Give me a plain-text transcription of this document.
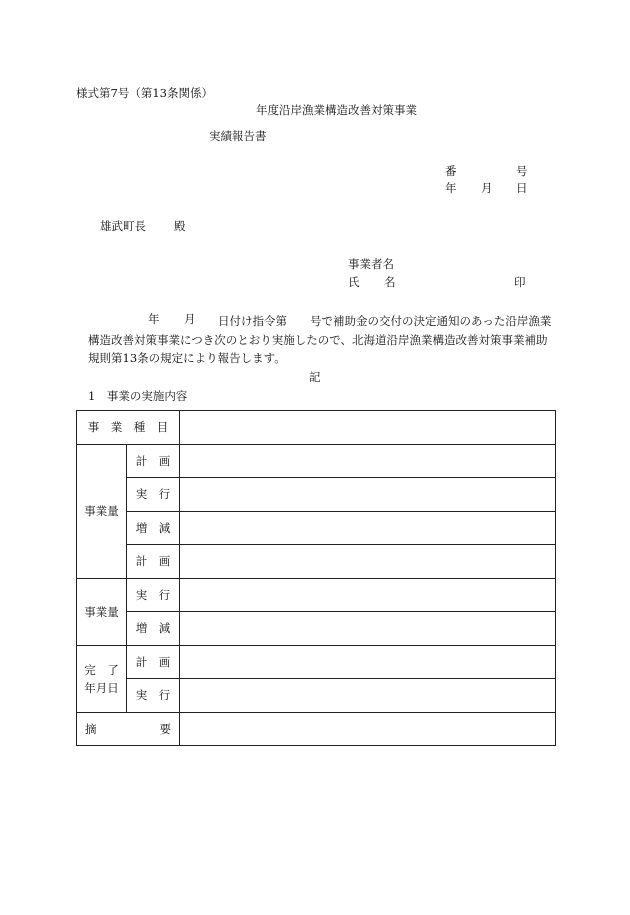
様式第7号（第13条関係）
年度沿岸漁業構造改善対策事業
実績報告書
番	号
年 月 日
雄武町長 殿
事業者名
氏 名	印
年 月	日付け指令第　　号で補助金の交付の決定通知のあった沿岸漁業構造改善対策事業につき次のとおり実施したので、北海道沿岸漁業構造改善対策事業補助規則第13条の規定により報告します。
記
1　事業の実施内容
事　業　種　目		
事業量	計　画	
	実　行	
	増　減	
	計　画	
事業量	実　行	
	増　減	

完　了
年月日	計　画	
	実　行	

摘 要		
